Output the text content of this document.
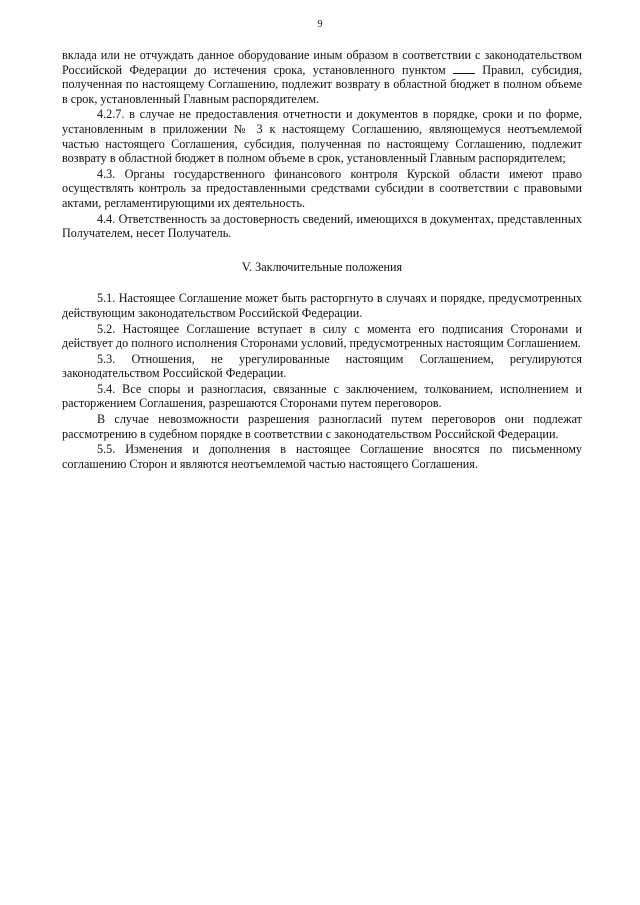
9

вклада или не отчуждать данное оборудование иным образом в соответствии с законодательством Российской Федерации до истечения срока, установленного пунктом	Правил, субсидия, полученная по настоящему Соглашению, подлежит возврату в областной бюджет в полном объеме в срок, установленный Главным распорядителем.

4.2.7. в случае не предоставления отчетности и документов в порядке, сроки и по форме, установленным в приложении № 3 к настоящему Соглашению, являющемуся неотъемлемой частью настоящего Соглашения, субсидия, полученная по настоящему Соглашению, подлежит возврату в областной бюджет в полном объеме в срок, установленный Главным распорядителем;

4.3. Органы государственного финансового контроля Курской области имеют право осуществлять контроль за предоставленными средствами субсидии в соответствии с правовыми актами, регламентирующими их деятельность.

4.4. Ответственность за достоверность сведений, имеющихся в документах, представленных Получателем, несет Получатель.

V. Заключительные положения

5.1. Настоящее Соглашение может быть расторгнуто в случаях и порядке, предусмотренных действующим законодательством Российской Федерации.

5.2. Настоящее Соглашение вступает в силу с момента его подписания Сторонами и действует до полного исполнения Сторонами условий, предусмотренных настоящим Соглашением.

5.3. Отношения, не урегулированные настоящим Соглашением, регулируются законодательством Российской Федерации.

5.4. Все споры и разногласия, связанные с заключением, толкованием, исполнением и расторжением Соглашения, разрешаются Сторонами путем переговоров.

В случае невозможности разрешения разногласий путем переговоров они подлежат рассмотрению в судебном порядке в соответствии с законодательством Российской Федерации.

5.5. Изменения и дополнения в настоящее Соглашение вносятся по письменному соглашению Сторон и являются неотъемлемой частью настоящего Соглашения.
